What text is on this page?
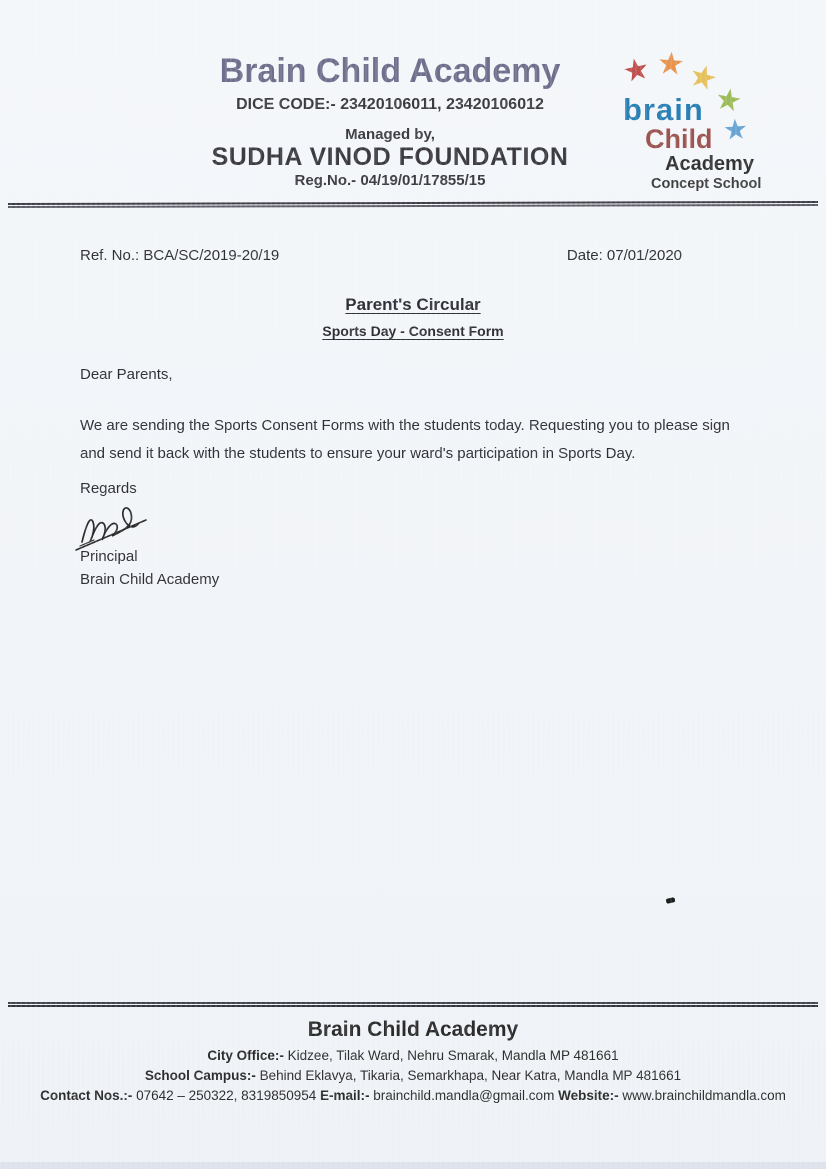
Brain Child Academy
DICE CODE:- 23420106011, 23420106012
Managed by,
SUDHA VINOD FOUNDATION
Reg.No.- 04/19/01/17855/15
★
★
★
★
★
brain
Child
Academy
Concept School
Ref. No.: BCA/SC/2019-20/19	Date: 07/01/2020
Parent's Circular
Sports Day - Consent Form
Dear Parents,
We are sending the Sports Consent Forms with the students today. Requesting you to please sign and send it back with the students to ensure your ward's participation in Sports Day.
Regards
Principal
Brain Child Academy
Brain Child Academy
City Office:- Kidzee, Tilak Ward, Nehru Smarak, Mandla MP 481661
School Campus:- Behind Eklavya, Tikaria, Semarkhapa, Near Katra, Mandla MP 481661
Contact Nos.:- 07642 – 250322, 8319850954 E-mail:- brainchild.mandla@gmail.com Website:- www.brainchildmandla.com
